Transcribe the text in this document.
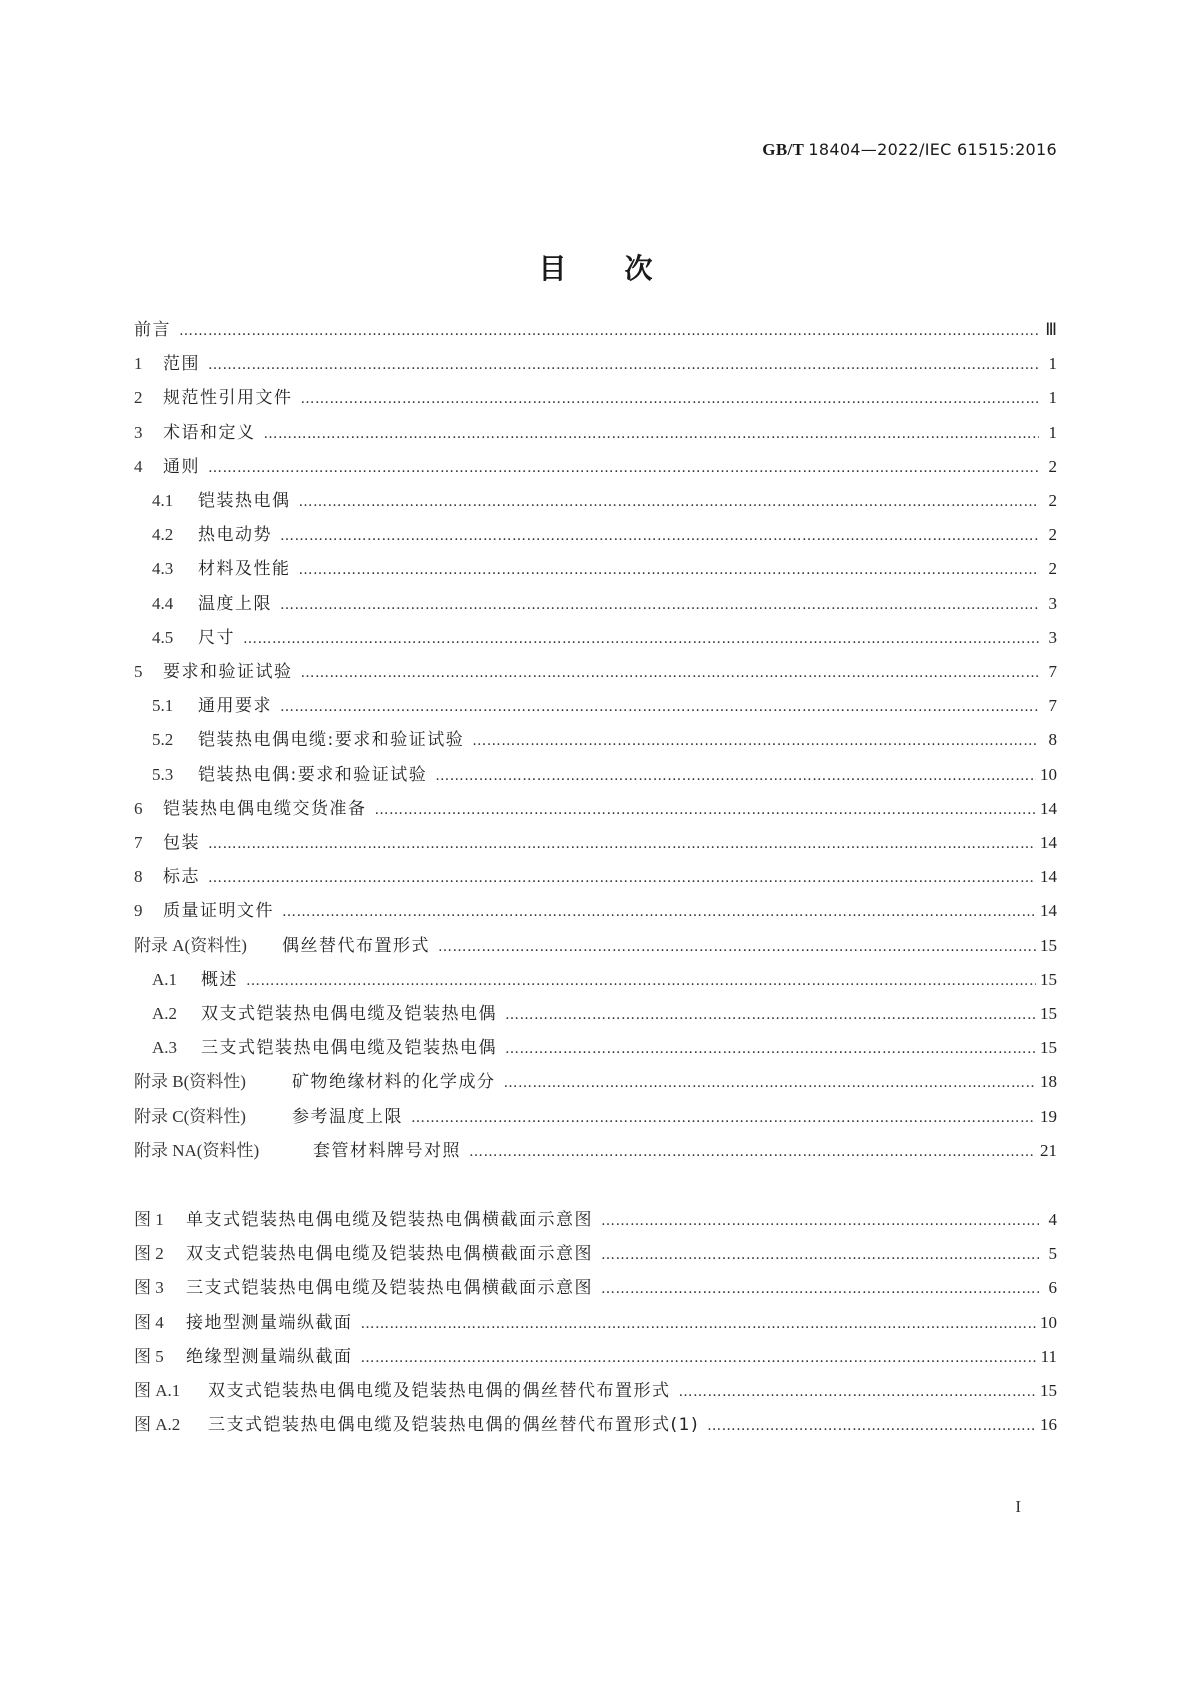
GB/T 18404—2022/IEC 61515:2016
目次
前言 ………………………………………………………………………………………………………………………………………………………………………………………………………………………………………………………………………………………………………………	Ⅲ
1 范围 ………………………………………………………………………………………………………………………………………………………………………………………………………………………………………………………………………………………………………………	1
2 规范性引用文件 ………………………………………………………………………………………………………………………………………………………………………………………………………………………………………………………………………………………………………………	1
3 术语和定义 ………………………………………………………………………………………………………………………………………………………………………………………………………………………………………………………………………………………………………………	1
4 通则 ………………………………………………………………………………………………………………………………………………………………………………………………………………………………………………………………………………………………………………	2
4.1	铠装热电偶 ………………………………………………………………………………………………………………………………………………………………………………………………………………………………………………………………………………………………………………	2
4.2	热电动势 ………………………………………………………………………………………………………………………………………………………………………………………………………………………………………………………………………………………………………………	2
4.3	材料及性能 ………………………………………………………………………………………………………………………………………………………………………………………………………………………………………………………………………………………………………………	2
4.4	温度上限 ………………………………………………………………………………………………………………………………………………………………………………………………………………………………………………………………………………………………………………	3
4.5	尺寸 ………………………………………………………………………………………………………………………………………………………………………………………………………………………………………………………………………………………………………………	3
5 要求和验证试验 ………………………………………………………………………………………………………………………………………………………………………………………………………………………………………………………………………………………………………………	7
5.1	通用要求 ………………………………………………………………………………………………………………………………………………………………………………………………………………………………………………………………………………………………………………	7
5.2	铠装热电偶电缆:要求和验证试验 ………………………………………………………………………………………………………………………………………………………………………………………………………………………………………………………………………………………………………………	8
5.3	铠装热电偶:要求和验证试验 ………………………………………………………………………………………………………………………………………………………………………………………………………………………………………………………………………………………………………………	10
6 铠装热电偶电缆交货准备 ………………………………………………………………………………………………………………………………………………………………………………………………………………………………………………………………………………………………………………	14
7 包装 ………………………………………………………………………………………………………………………………………………………………………………………………………………………………………………………………………………………………………………	14
8 标志 ………………………………………………………………………………………………………………………………………………………………………………………………………………………………………………………………………………………………………………	14
9 质量证明文件 ………………………………………………………………………………………………………………………………………………………………………………………………………………………………………………………………………………………………………………	14
附录 A(资料性)	偶丝替代布置形式 ………………………………………………………………………………………………………………………………………………………………………………………………………………………………………………………………………………………………………………	15
A.1	概述 ………………………………………………………………………………………………………………………………………………………………………………………………………………………………………………………………………………………………………………	15
A.2	双支式铠装热电偶电缆及铠装热电偶 ………………………………………………………………………………………………………………………………………………………………………………………………………………………………………………………………………………………………………………	15
A.3	三支式铠装热电偶电缆及铠装热电偶 ………………………………………………………………………………………………………………………………………………………………………………………………………………………………………………………………………………………………………………	15
附录 B(资料性)	矿物绝缘材料的化学成分 ………………………………………………………………………………………………………………………………………………………………………………………………………………………………………………………………………………………………………………	18
附录 C(资料性)	参考温度上限 ………………………………………………………………………………………………………………………………………………………………………………………………………………………………………………………………………………………………………………	19
附录 NA(资料性)	套管材料牌号对照 ………………………………………………………………………………………………………………………………………………………………………………………………………………………………………………………………………………………………………………	21
图 1	单支式铠装热电偶电缆及铠装热电偶横截面示意图 ………………………………………………………………………………………………………………………………………………………………………………………………………………………………………………………………………………………………………………	4
图 2	双支式铠装热电偶电缆及铠装热电偶横截面示意图 ………………………………………………………………………………………………………………………………………………………………………………………………………………………………………………………………………………………………………………	5
图 3	三支式铠装热电偶电缆及铠装热电偶横截面示意图 ………………………………………………………………………………………………………………………………………………………………………………………………………………………………………………………………………………………………………………	6
图 4	接地型测量端纵截面 ………………………………………………………………………………………………………………………………………………………………………………………………………………………………………………………………………………………………………………	10
图 5	绝缘型测量端纵截面 ………………………………………………………………………………………………………………………………………………………………………………………………………………………………………………………………………………………………………………	11
图 A.1	双支式铠装热电偶电缆及铠装热电偶的偶丝替代布置形式 ………………………………………………………………………………………………………………………………………………………………………………………………………………………………………………………………………………………………………………	15
图 A.2	三支式铠装热电偶电缆及铠装热电偶的偶丝替代布置形式(1) ………………………………………………………………………………………………………………………………………………………………………………………………………………………………………………………………………………………………………………	16
I
